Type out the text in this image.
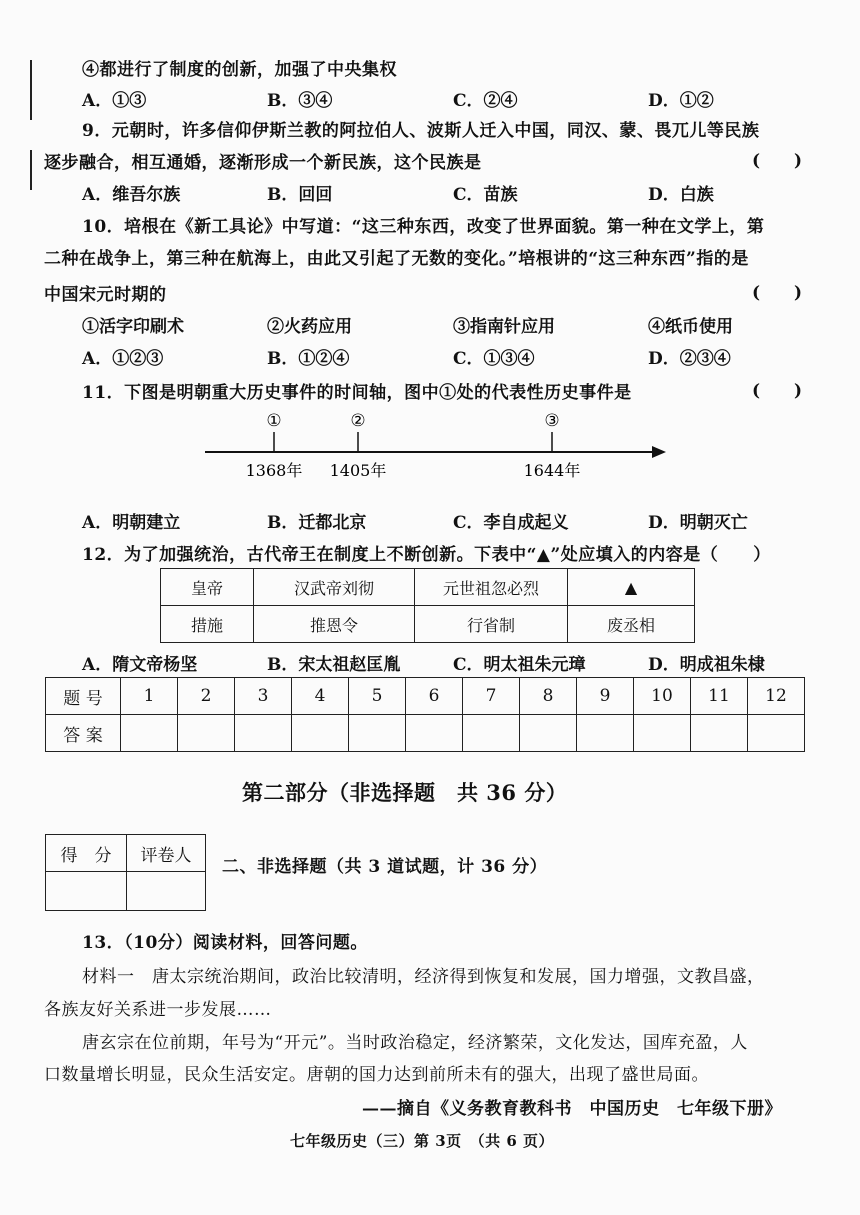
④都进行了制度的创新，加强了中央集权
A．①③	B．③④	C．②④	D．①②
9．元朝时，许多信仰伊斯兰教的阿拉伯人、波斯人迁入中国，同汉、蒙、畏兀儿等民族
逐步融合，相互通婚，逐渐形成一个新民族，这个民族是	(　　)
A．维吾尔族	B．回回	C．苗族	D．白族
10．培根在《新工具论》中写道：“这三种东西，改变了世界面貌。第一种在文学上，第
二种在战争上，第三种在航海上，由此又引起了无数的变化。”培根讲的“这三种东西”指的是
中国宋元时期的	(　　)
①活字印刷术	②火药应用	③指南针应用	④纸币使用
A．①②③	B．①②④	C．①③④	D．②③④
11．下图是明朝重大历史事件的时间轴，图中①处的代表性历史事件是	(　　)
①	②	③
1368年 1405年	1644年
A．明朝建立	B．迁都北京	C．李自成起义	D．明朝灭亡
12．为了加强统治，古代帝王在制度上不断创新。下表中“▲”处应填入的内容是（　　）
皇帝	汉武帝刘彻	元世祖忽必烈	▲
措施	推恩令	行省制	废丞相
A．隋文帝杨坚	B．宋太祖赵匡胤	C．明太祖朱元璋	D．明成祖朱棣
题 号	1	2	3	4	5	6	7	8	9	10	11	12
答 案												
第二部分（非选择题　共 36 分）
得　分	评卷人

二、非选择题（共 3 道试题，计 36 分）
13．（10分）阅读材料，回答问题。
材料一　唐太宗统治期间，政治比较清明，经济得到恢复和发展，国力增强，文教昌盛，
各族友好关系进一步发展……
唐玄宗在位前期，年号为“开元”。当时政治稳定，经济繁荣，文化发达，国库充盈，人
口数量增长明显，民众生活安定。唐朝的国力达到前所未有的强大，出现了盛世局面。
——摘自《义务教育教科书　中国历史　七年级下册》
七年级历史（三）第 3页　（共 6 页）
